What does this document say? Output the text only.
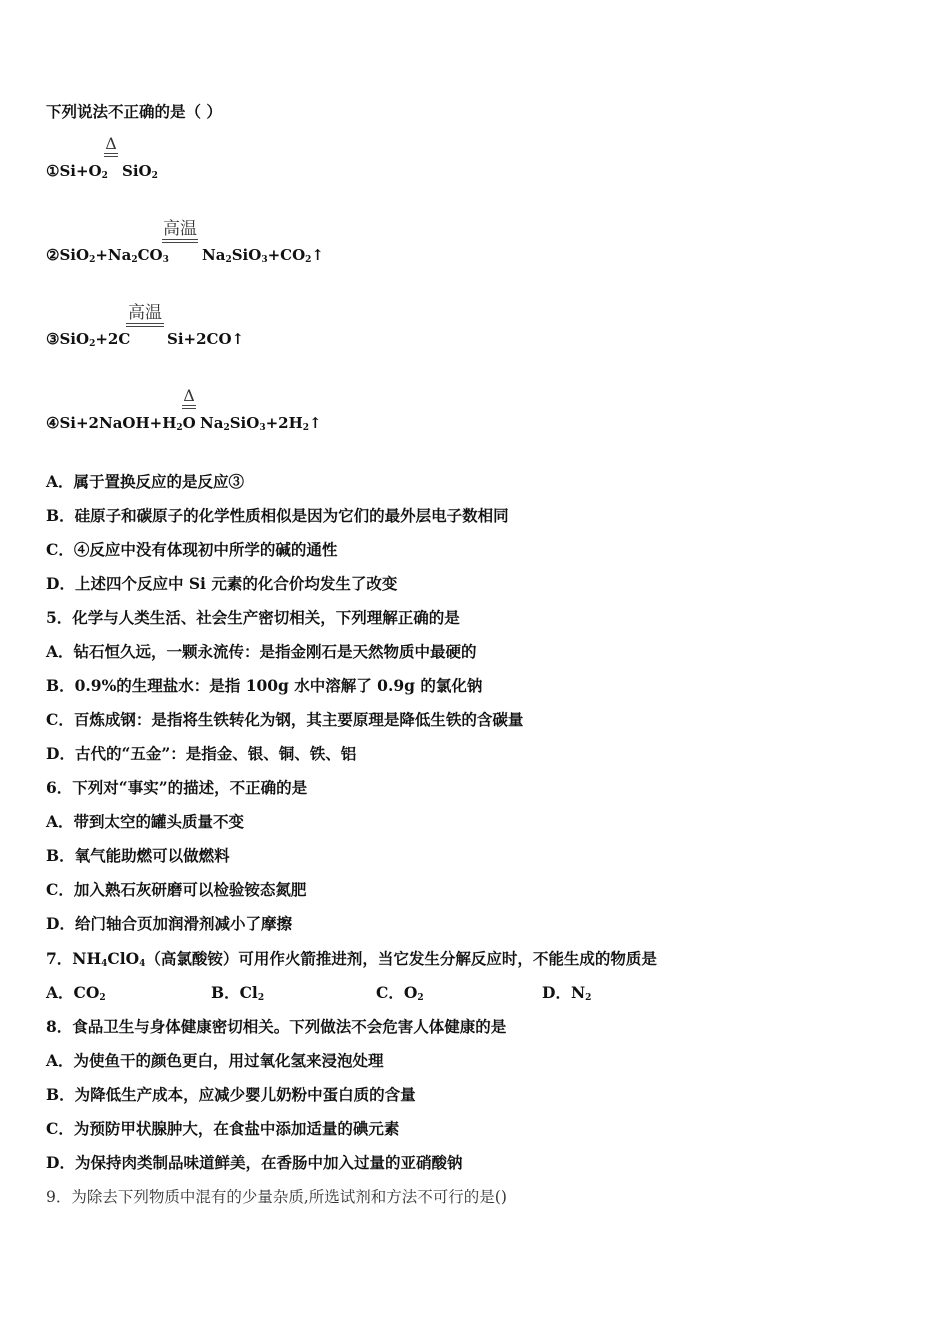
下列说法不正确的是（ ）
$①Si+O_2$
Δ
SiO$_2$
$②SiO_2+Na_2CO_3$
高温
$Na_2SiO_3+CO_2↑$
③SiO$_2$+2C
高温
Si+2CO↑
$④Si+2NaOH+H_2O$
Δ
$Na_2SiO_3+2H_2↑$
A．属于置换反应的是反应③
B．硅原子和碳原子的化学性质相似是因为它们的最外层电子数相同
C．④反应中没有体现初中所学的碱的通性
D．上述四个反应中 Si 元素的化合价均发生了改变
5．化学与人类生活、社会生产密切相关，下列理解正确的是
A．钻石恒久远，一颗永流传：是指金刚石是天然物质中最硬的
B．0.9%的生理盐水：是指 100g 水中溶解了 0.9g 的氯化钠
C．百炼成钢：是指将生铁转化为钢，其主要原理是降低生铁的含碳量
D．古代的“五金”：是指金、银、铜、铁、铝
6．下列对“事实”的描述，不正确的是
A．带到太空的罐头质量不变
B．氧气能助燃可以做燃料
C．加入熟石灰研磨可以检验铵态氮肥
D．给门轴合页加润滑剂减小了摩擦
7．$NH_4ClO_4$（高氯酸铵）可用作火箭推进剂，当它发生分解反应时，不能生成的物质是
A．$CO_2$	B．$Cl_2$	C．$O_2$	D．$N_2$
8．食品卫生与身体健康密切相关。下列做法不会危害人体健康的是
A．为使鱼干的颜色更白，用过氧化氢来浸泡处理
B．为降低生产成本，应减少婴儿奶粉中蛋白质的含量
C．为预防甲状腺肿大，在食盐中添加适量的碘元素
D．为保持肉类制品味道鲜美，在香肠中加入过量的亚硝酸钠
9．为除去下列物质中混有的少量杂质,所选试剂和方法不可行的是()
